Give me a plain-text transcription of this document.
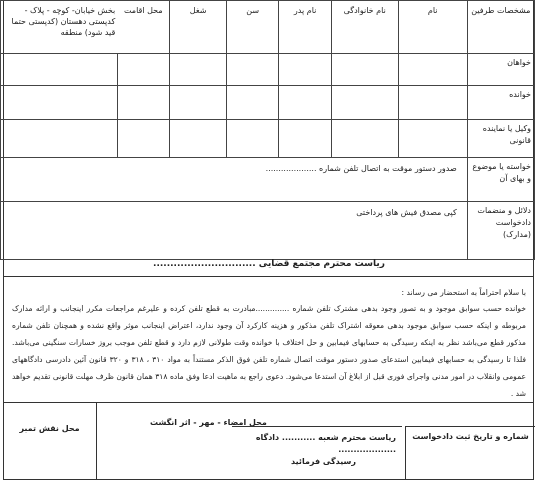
مشخصات طرفین	نام	نام خانوادگی	نام پدر	سن	شغل	محل اقامت	بخش خیابان- کوچه - پلاک - کدپستی دهستان (کدپستی حتما قید شود) منطقه
خواهان							
خوانده							
وکیل یا نماینده قانونی							
خواسته یا موضوع و بهای آن	صدور دستور موقت به اتصال تلفن شماره ....................						
دلائل و منضمات دادخواست (مدارک)	کپی مصدق فیش های پرداختی						
ریاست محترم مجتمع قضایی ..............................
با سلام احتراماً به استحضار می رساند :
خوانده حسب سوابق موجود و به تصور وجود بدهی مشترک تلفن شماره ..............مبادرت به قطع تلفن کرده و علیرغم مراجعات مکرر اینجانب و ارائه مدارک مربوطه و اینکه حسب سوابق موجود بدهی معوقه اشتراک تلفن مذکور و هزینه کارکرد آن وجود ندارد، اعتراض اینجانب موثر واقع نشده و همچنان تلفن شماره مذکور قطع می‌باشد نظر به اینکه رسیدگی به حسابهای فیمابین و حل اختلاف با خوانده وقت طولانی لازم دارد و قطع تلفن موجب بروز خسارات سنگینی می‌باشد. فلذا تا رسیدگی به حسابهای فیمابین استدعای صدور دستور موقت اتصال شماره تلفن فوق الذکر مستنداً به مواد ۳۱۰ ، ۳۱۸ و ۳۲۰ قانون آئین دادرسی دادگاههای عمومی وانقلاب در امور مدنی واجرای فوری قبل از ابلاغ آن استدعا می‌شود. دعوی راجع به ماهیت ادعا وفق ماده ۳۱۸ همان قانون ظرف مهلت قانونی تقدیم خواهد شد .
محل نقش تمبر
محل امضاء - مهر - اثر انگشت
شماره و تاریخ ثبت دادخواست
ریاست محترم شعبه ........... دادگاه ...................
رسیدگی فرمائید
